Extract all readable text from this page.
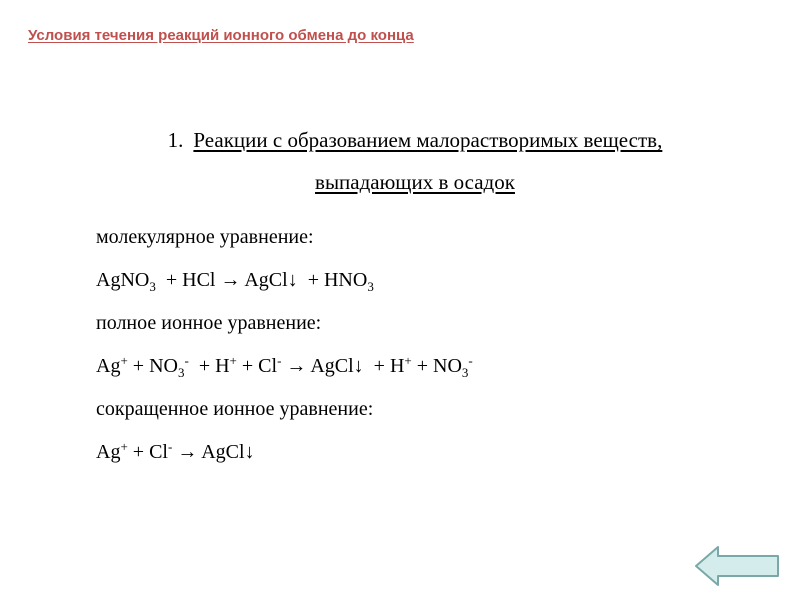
Условия течения реакций ионного обмена до конца
1. Реакции с образованием малорастворимых веществ,
выпадающих в осадок
молекулярное уравнение:
AgNO$_3$  + HCl → AgCl↓  + $HNO_3$
полное ионное уравнение:
$Ag^+ + NO_3^- + H^+ + Cl^-$ → AgCl↓  + $H^+ + NO_3^-$
сокращенное ионное уравнение:
Ag+ + Cl- → AgCl↓
